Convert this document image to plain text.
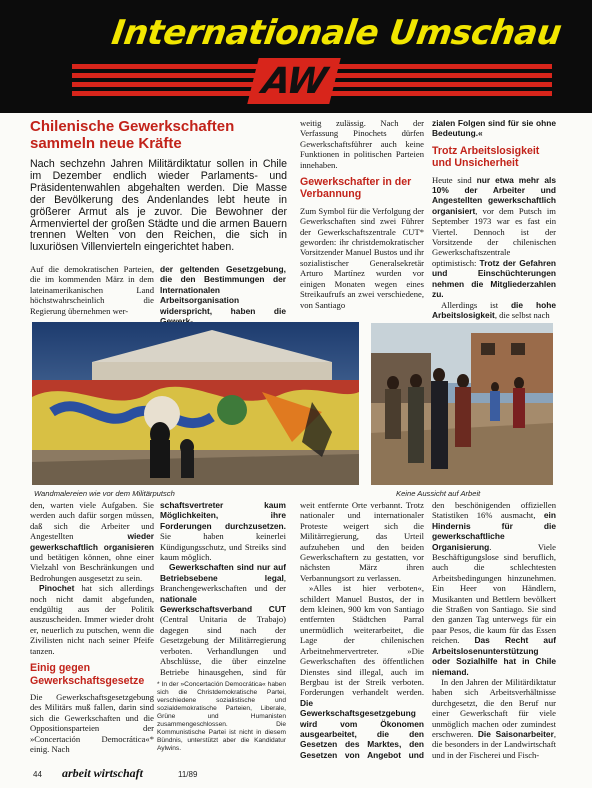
Internationale Umschau
AW
Chilenische Gewerkschaften sammeln neue Kräfte
Nach sechzehn Jahren Militärdiktatur sollen in Chile im Dezember endlich wieder Parlaments- und Präsidentenwahlen abgehalten werden. Die Masse der Bevölkerung des Andenlandes lebt heute in größerer Armut als je zuvor. Die Bewohner der Armenviertel der großen Städte und die armen Bauern trennen Welten von den Reichen, die sich in luxuriösen Villenvierteln eingerichtet haben.

Auf die demokratischen Parteien, die im kommenden März in dem lateinamerikanischen Land höchstwahrscheinlich die Regierung übernehmen wer-

der geltenden Gesetzgebung, die den Bestimmungen der Internationalen Arbeitsorganisation widerspricht, haben die

weitig zulässig. Nach der Verfassung Pinochets dürfen Gewerkschaftsführer auch keine Funktionen in politischen Parteien innehaben.

Gewerkschafter in der Verbannung

Zum Symbol für die Verfolgung der Gewerkschaften sind zwei Führer der Gewerkschaftszentrale CUT* geworden: ihr christdemokratischer Vorsitzender Manuel Bustos und ihr sozialistischer Generalsekretär Arturo Martínez wurden vor einigen Monaten wegen eines Streikaufrufs an zwei verschiedene, von Santiago

zialen Folgen sind für sie ohne Bedeutung.«

Trotz Arbeitslosigkeit und Unsicherheit

Heute sind nur etwa mehr als 10% der Arbeiter und Angestellten gewerkschaftlich organisiert, vor dem Putsch im September 1973 war es fast ein Viertel. Dennoch ist der Vorsitzende der chilenischen Gewerkschaftszentrale optimistisch: Trotz der Gefahren und Einschüchterungen nehmen die Mitgliederzahlen zu.

Allerdings ist die hohe Arbeitslosigkeit, die selbst nach

Wandmalereien wie vor dem Militärputsch	Keine Aussicht auf Arbeit

den, warten viele Aufgaben. Sie werden auch dafür sorgen müssen, daß sich die Arbeiter und Angestellten wieder gewerkschaftlich organisieren und betätigen können, ohne einer Vielzahl von Beschränkungen und Bedrohungen ausgesetzt zu sein.

Pinochet hat sich allerdings noch nicht damit abgefunden, endgültig aus der Politik auszuscheiden. Immer wieder droht er, neuerlich zu putschen, wenn die Zivilisten nicht nach seiner Pfeife tanzen.

Einig gegen Gewerkschaftsgesetze

Die Gewerkschaftsgesetzgebung des Militärs muß fallen, darin sind sich die Gewerkschaften und die Oppositionsparteien der »Concertación Democrática«* einig. Nach

schaftsvertreter kaum Möglichkeiten, ihre Forderungen durchzusetzen. Sie haben keinerlei Kündigungsschutz, und Streiks sind kaum möglich.

Gewerkschaften sind nur auf Betriebsebene legal, Branchengewerkschaften und der nationale Gewerkschaftsverband CUT (Central Unitaria de Trabajo) dagegen sind nach der Gesetzgebung der Militärregierung verboten. Verhandlungen und Abschlüsse, die über einzelne Betriebe hinausgehen, sind für

* In der »Concertación Democrática« haben sich die Christdemokratische Partei, verschiedene sozialistische und sozialdemokratische Parteien, Liberale, Grüne und Humanisten zusammengeschlossen. Die Kommunistische Partei ist nicht in diesem Bündnis, unterstützt aber die Kandidatur Aylwins.

weit entfernte Orte verbannt. Trotz nationaler und internationaler Proteste weigert sich die Militärregierung, das Urteil aufzuheben und den beiden Gewerkschaftern zu gestatten, vor nächsten März ihren Verbannungsort zu verlassen.

»Alles ist hier verboten«, schildert Manuel Bustos, der in dem kleinen, 900 km von Santiago entfernten Städtchen Parral unermüdlich weiterarbeitet, die Lage der chilenischen Arbeitnehmervertreter. »Die Gewerkschaften des öffentlichen Dienstes sind illegal, auch im Bergbau ist der Streik verboten. Forderungen verhandelt werden. Die Gewerkschaftsgesetzgebung wird vom Ökonomen ausgearbeitet, die den Gesetzen des Marktes, den Gesetzen von Angebot und

den beschönigenden offiziellen Statistiken 16% ausmacht, ein Hindernis für die gewerkschaftliche Organisierung. Viele Beschäftigungslose sind beruflich, auch die schlechtesten Arbeitsbedingungen hinzunehmen. Ein Heer von Händlern, Musikanten und Bettlern bevölkert die Straßen von Santiago. Sie sind den ganzen Tag unterwegs für ein paar Pesos, die kaum für das Essen reichen. Das Recht auf Arbeitslosenunterstützung oder Sozialhilfe hat in Chile niemand.

In den Jahren der Militärdiktatur haben sich Arbeitsverhältnisse durchgesetzt, die den Beruf nur einer Gewerkschaft für viele unmöglich machen oder zumindest erschweren. Die Saisonarbeiter, die besonders in der Landwirtschaft und in der Fischerei und Fisch-

44 arbeit wirtschaft	11/89
